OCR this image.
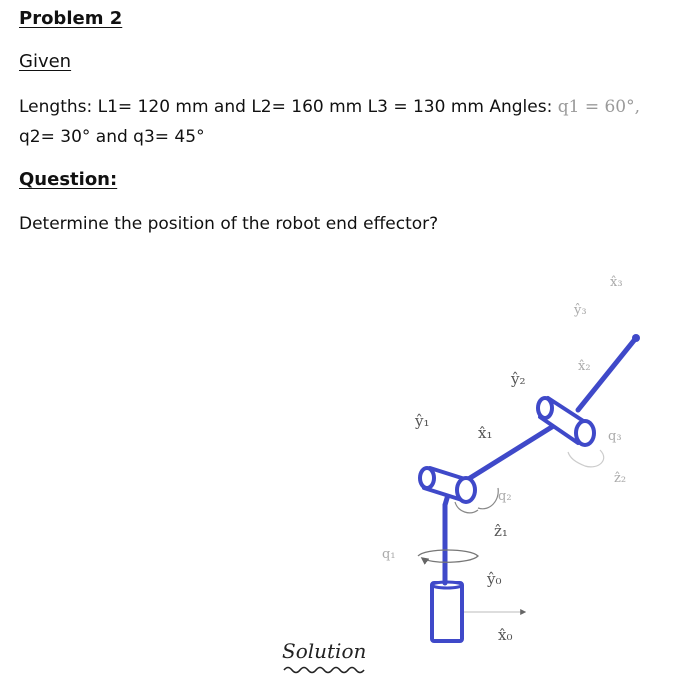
Problem 2
Given
Lengths: L1= 120 mm and L2= 160 mm L3 = 130 mm Angles: q1 = 60°,
q2= 30° and q3= 45°
Question:
Determine the position of the robot end effector?
ŷ₁
x̂₁
ŷ₂
x̂₂
x̂₃
ŷ₃
q₁
q₂
q₃
ẑ₁
ẑ₂
ŷ₀
x̂₀
Solution
